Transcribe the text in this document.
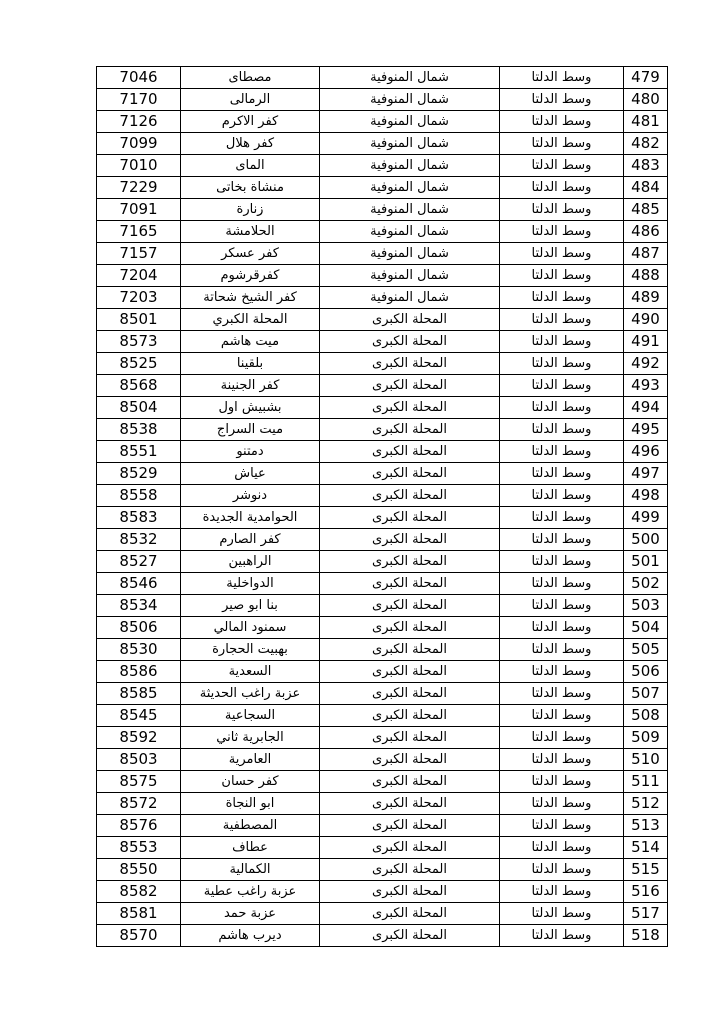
7046	مصطاى	شمال المنوفية	وسط الدلتا	479
7170	الرمالى	شمال المنوفية	وسط الدلتا	480
7126	كفر الاكرم	شمال المنوفية	وسط الدلتا	481
7099	كفر هلال	شمال المنوفية	وسط الدلتا	482
7010	الماى	شمال المنوفية	وسط الدلتا	483
7229	منشاة بخاتى	شمال المنوفية	وسط الدلتا	484
7091	زنارة	شمال المنوفية	وسط الدلتا	485
7165	الحلامشة	شمال المنوفية	وسط الدلتا	486
7157	كفر عسكر	شمال المنوفية	وسط الدلتا	487
7204	كفرقرشوم	شمال المنوفية	وسط الدلتا	488
7203	كفر الشيخ شحاتة	شمال المنوفية	وسط الدلتا	489
8501	المحلة الكبري	المحلة الكبرى	وسط الدلتا	490
8573	ميت هاشم	المحلة الكبرى	وسط الدلتا	491
8525	بلقينا	المحلة الكبرى	وسط الدلتا	492
8568	كفر الجنينة	المحلة الكبرى	وسط الدلتا	493
8504	بشبيش اول	المحلة الكبرى	وسط الدلتا	494
8538	ميت السراج	المحلة الكبرى	وسط الدلتا	495
8551	دمتنو	المحلة الكبرى	وسط الدلتا	496
8529	عياش	المحلة الكبرى	وسط الدلتا	497
8558	دنوشر	المحلة الكبرى	وسط الدلتا	498
8583	الحوامدية الجديدة	المحلة الكبرى	وسط الدلتا	499
8532	كفر الصارم	المحلة الكبرى	وسط الدلتا	500
8527	الراهبين	المحلة الكبرى	وسط الدلتا	501
8546	الدواخلية	المحلة الكبرى	وسط الدلتا	502
8534	بنا ابو صير	المحلة الكبرى	وسط الدلتا	503
8506	سمنود المالي	المحلة الكبرى	وسط الدلتا	504
8530	بهبيت الحجارة	المحلة الكبرى	وسط الدلتا	505
8586	السعدية	المحلة الكبرى	وسط الدلتا	506
8585	عزبة راغب الحديثة	المحلة الكبرى	وسط الدلتا	507
8545	السجاعية	المحلة الكبرى	وسط الدلتا	508
8592	الجابرية ثاني	المحلة الكبرى	وسط الدلتا	509
8503	العامرية	المحلة الكبرى	وسط الدلتا	510
8575	كفر حسان	المحلة الكبرى	وسط الدلتا	511
8572	ابو النجاة	المحلة الكبرى	وسط الدلتا	512
8576	المصطفية	المحلة الكبرى	وسط الدلتا	513
8553	عطاف	المحلة الكبرى	وسط الدلتا	514
8550	الكمالية	المحلة الكبرى	وسط الدلتا	515
8582	عزبة راغب عطية	المحلة الكبرى	وسط الدلتا	516
8581	عزبة حمد	المحلة الكبرى	وسط الدلتا	517
8570	ديرب هاشم	المحلة الكبرى	وسط الدلتا	518
